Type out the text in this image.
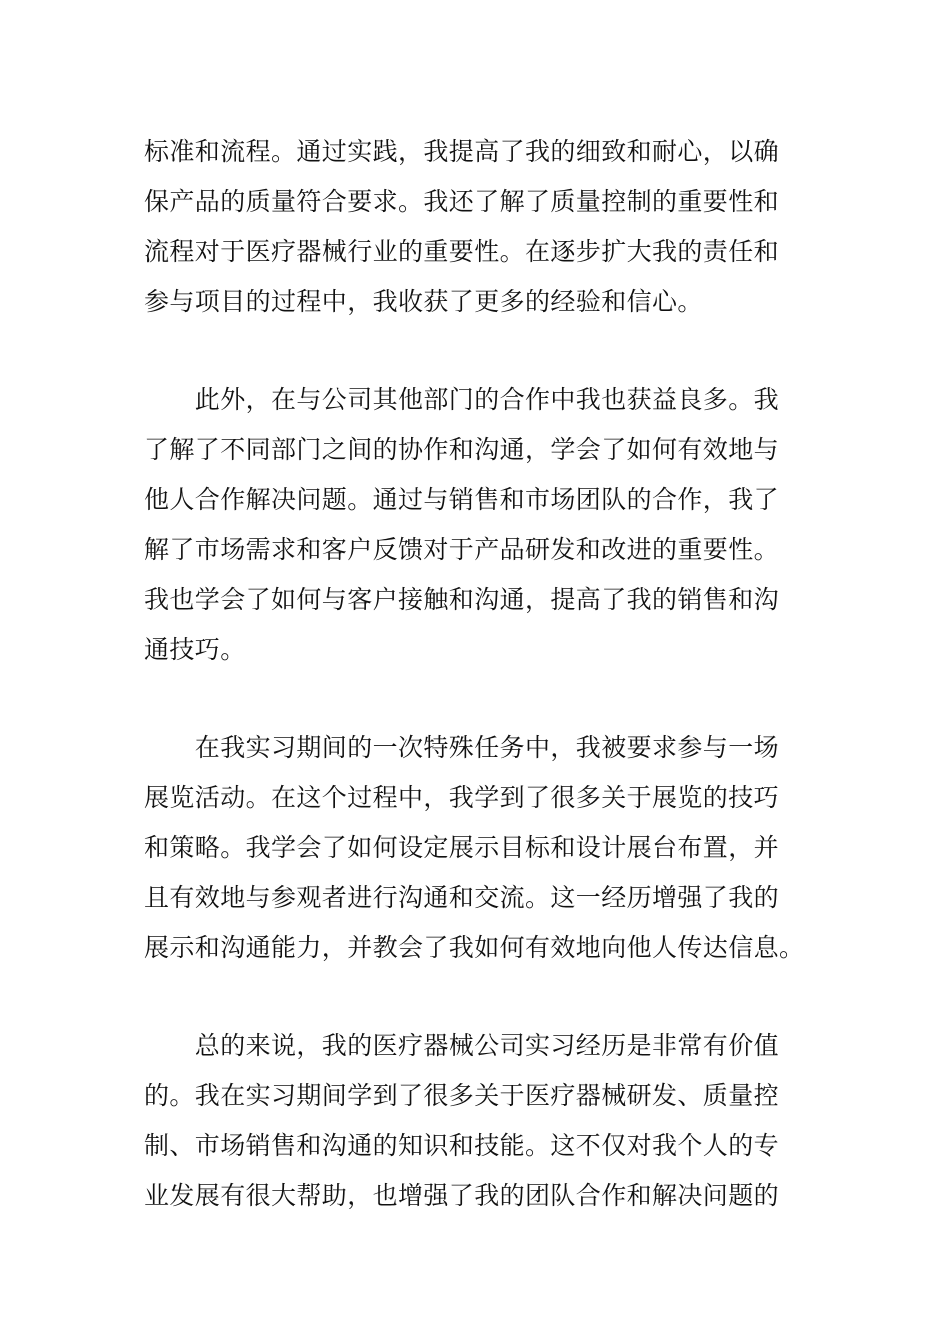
标准和流程。通过实践，我提高了我的细致和耐心，以确
保产品的质量符合要求。我还了解了质量控制的重要性和
流程对于医疗器械行业的重要性。在逐步扩大我的责任和
参与项目的过程中，我收获了更多的经验和信心。
　　此外，在与公司其他部门的合作中我也获益良多。我
了解了不同部门之间的协作和沟通，学会了如何有效地与
他人合作解决问题。通过与销售和市场团队的合作，我了
解了市场需求和客户反馈对于产品研发和改进的重要性。
我也学会了如何与客户接触和沟通，提高了我的销售和沟
通技巧。
　　在我实习期间的一次特殊任务中，我被要求参与一场
展览活动。在这个过程中，我学到了很多关于展览的技巧
和策略。我学会了如何设定展示目标和设计展台布置，并
且有效地与参观者进行沟通和交流。这一经历增强了我的
展示和沟通能力，并教会了我如何有效地向他人传达信息。
　　总的来说，我的医疗器械公司实习经历是非常有价值
的。我在实习期间学到了很多关于医疗器械研发、质量控
制、市场销售和沟通的知识和技能。这不仅对我个人的专
业发展有很大帮助，也增强了我的团队合作和解决问题的
